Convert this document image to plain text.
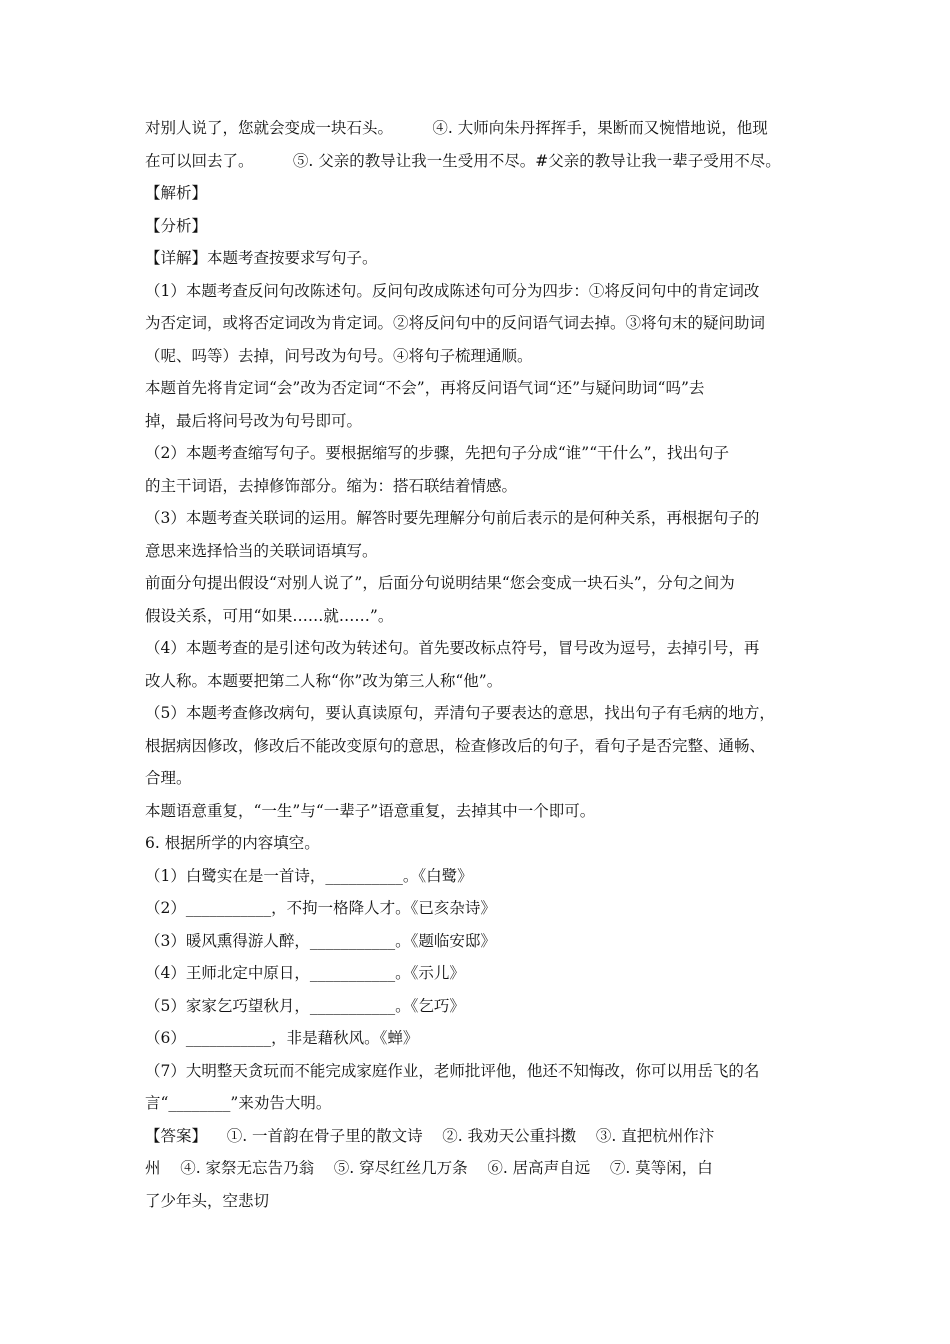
对别人说了，您就会变成一块石头。        ④. 大师向朱丹挥挥手，果断而又惋惜地说，他现
在可以回去了。        ⑤. 父亲的教导让我一生受用不尽。#父亲的教导让我一辈子受用不尽。
【解析】
【分析】
【详解】本题考查按要求写句子。
（1）本题考查反问句改陈述句。反问句改成陈述句可分为四步：①将反问句中的肯定词改
为否定词，或将否定词改为肯定词。②将反问句中的反问语气词去掉。③将句末的疑问助词
（呢、吗等）去掉，问号改为句号。④将句子梳理通顺。
本题首先将肯定词“会”改为否定词“不会”，再将反问语气词“还”与疑问助词“吗”去
掉，最后将问号改为句号即可。
（2）本题考查缩写句子。要根据缩写的步骤，先把句子分成“谁”“干什么”，找出句子
的主干词语，去掉修饰部分。缩为：搭石联结着情感。
（3）本题考查关联词的运用。解答时要先理解分句前后表示的是何种关系，再根据句子的
意思来选择恰当的关联词语填写。
前面分句提出假设“对别人说了”，后面分句说明结果“您会变成一块石头”，分句之间为
假设关系，可用“如果……就……”。
（4）本题考查的是引述句改为转述句。首先要改标点符号，冒号改为逗号，去掉引号，再
改人称。本题要把第二人称“你”改为第三人称“他”。
（5）本题考查修改病句，要认真读原句，弄清句子要表达的意思，找出句子有毛病的地方，
根据病因修改，修改后不能改变原句的意思，检查修改后的句子，看句子是否完整、通畅、
合理。
本题语意重复，“一生”与“一辈子”语意重复，去掉其中一个即可。
6. 根据所学的内容填空。
（1）白鹭实在是一首诗，__________。《白鹭》
（2）___________，不拘一格降人才。《已亥杂诗》
（3）暖风熏得游人醉，___________。《题临安邸》
（4）王师北定中原日，___________。《示儿》
（5）家家乞巧望秋月，___________。《乞巧》
（6）___________，非是藉秋风。《蝉》
（7）大明整天贪玩而不能完成家庭作业，老师批评他，他还不知悔改，你可以用岳飞的名
言“________”来劝告大明。
【答案】    ①. 一首韵在骨子里的散文诗    ②. 我劝天公重抖擞    ③. 直把杭州作汴
州    ④. 家祭无忘告乃翁    ⑤. 穿尽红丝几万条    ⑥. 居高声自远    ⑦. 莫等闲，白
了少年头，空悲切
